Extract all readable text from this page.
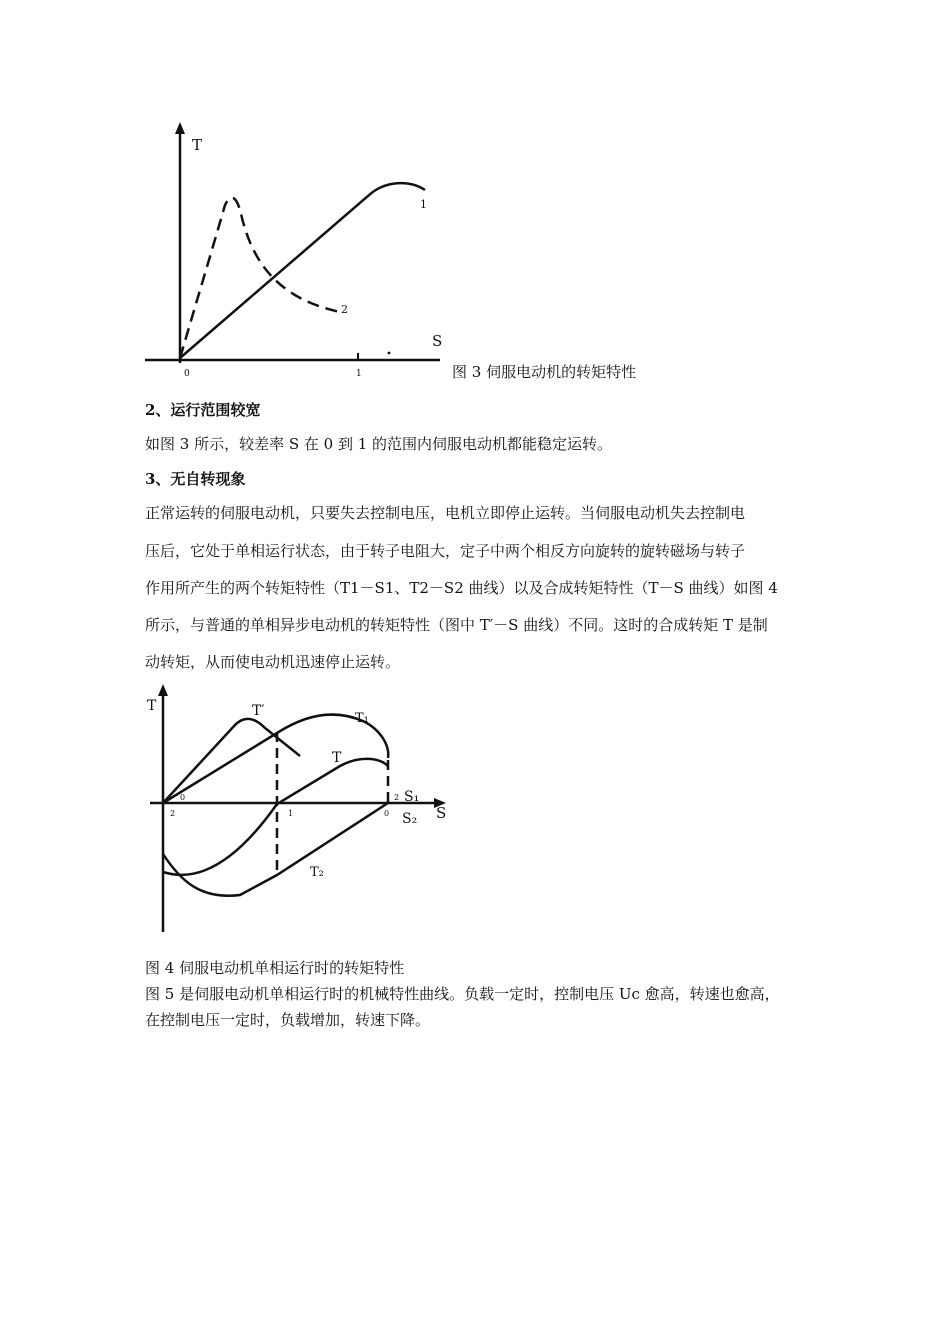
T
S
0	1
1
2
图 3 伺服电动机的转矩特性
2、运行范围较宽
如图 3 所示，较差率 S 在 0 到 1 的范围内伺服电动机都能稳定运转。
3、无自转现象
正常运转的伺服电动机，只要失去控制电压，电机立即停止运转。当伺服电动机失去控制电
压后，它处于单相运行状态，由于转子电阻大，定子中两个相反方向旋转的旋转磁场与转子
作用所产生的两个转矩特性（T1－S1、T2－S2 曲线）以及合成转矩特性（T－S 曲线）如图 4
所示，与普通的单相异步电动机的转矩特性（图中 T′－S 曲线）不同。这时的合成转矩 T 是制
动转矩，从而使电动机迅速停止运转。
T
S
T′	T₁
T
T₂
S₁
S₂
0
2	1
2
0
图 4 伺服电动机单相运行时的转矩特性
图 5 是伺服电动机单相运行时的机械特性曲线。负载一定时，控制电压 Uc 愈高，转速也愈高，
在控制电压一定时，负载增加，转速下降。
